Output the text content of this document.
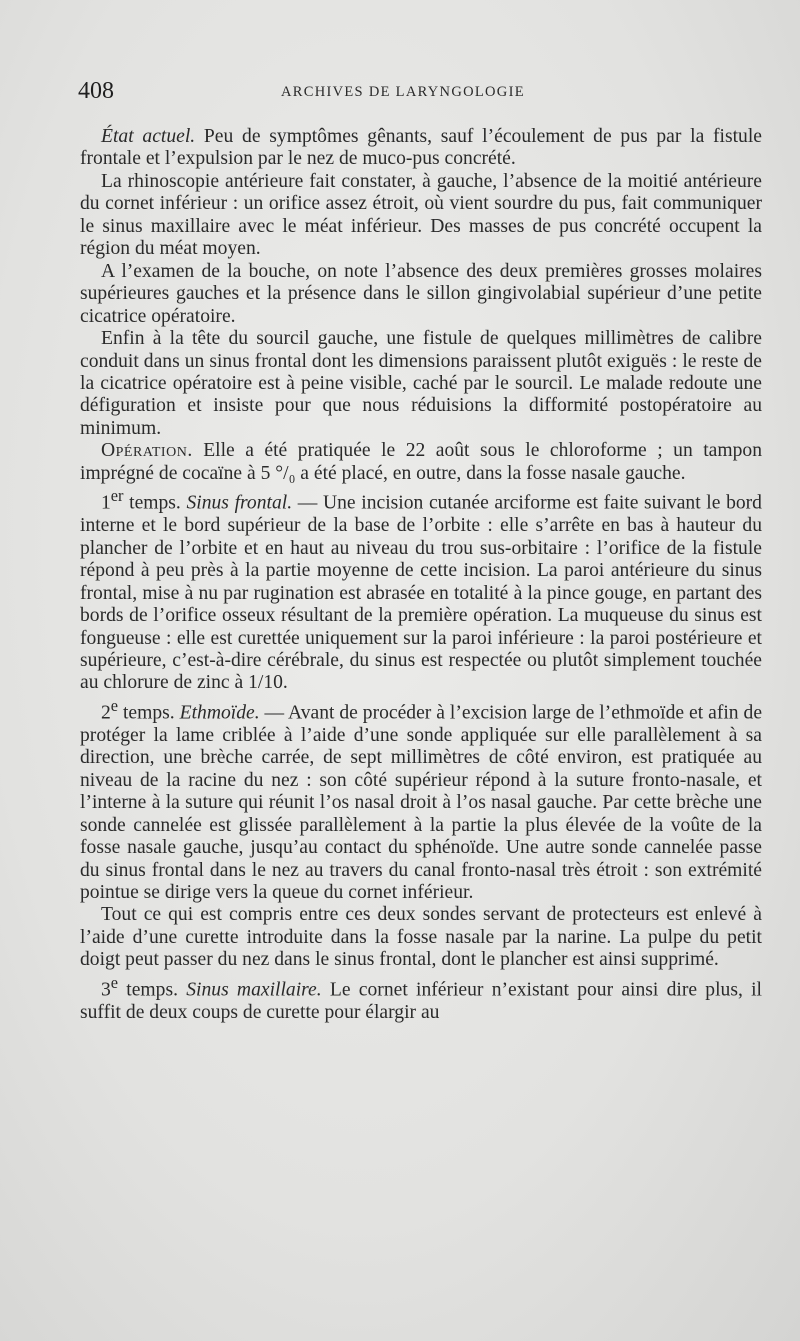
408	ARCHIVES DE LARYNGOLOGIE

État actuel. Peu de symptômes gênants, sauf l’écoulement de pus par la fistule frontale et l’expulsion par le nez de muco-pus concrété.

La rhinoscopie antérieure fait constater, à gauche, l’absence de la moitié antérieure du cornet inférieur : un orifice assez étroit, où vient sourdre du pus, fait communiquer le sinus maxillaire avec le méat inférieur. Des masses de pus concrété occupent la région du méat moyen.

A l’examen de la bouche, on note l’absence des deux premières grosses molaires supérieures gauches et la présence dans le sillon gingivolabial supérieur d’une petite cicatrice opératoire.

Enfin à la tête du sourcil gauche, une fistule de quelques millimètres de calibre conduit dans un sinus frontal dont les dimensions paraissent plutôt exiguës : le reste de la cicatrice opératoire est à peine visible, caché par le sourcil. Le malade redoute une défiguration et insiste pour que nous réduisions la difformité postopératoire au minimum.

Opération. Elle a été pratiquée le 22 août sous le chloroforme ; un tampon imprégné de cocaïne à 5 °/₀ a été placé, en outre, dans la fosse nasale gauche.

1er temps. Sinus frontal. — Une incision cutanée arciforme est faite suivant le bord interne et le bord supérieur de la base de l’orbite : elle s’arrête en bas à hauteur du plancher de l’orbite et en haut au niveau du trou sus-orbitaire : l’orifice de la fistule répond à peu près à la partie moyenne de cette incision. La paroi antérieure du sinus frontal, mise à nu par rugination est abrasée en totalité à la pince gouge, en partant des bords de l’orifice osseux résultant de la première opération. La muqueuse du sinus est fongueuse : elle est curettée uniquement sur la paroi inférieure : la paroi postérieure et supérieure, c’est-à-dire cérébrale, du sinus est respectée ou plutôt simplement touchée au chlorure de zinc à 1/10.

2e temps. Ethmoïde. — Avant de procéder à l’excision large de l’ethmoïde et afin de protéger la lame criblée à l’aide d’une sonde appliquée sur elle parallèlement à sa direction, une brèche carrée, de sept millimètres de côté environ, est pratiquée au niveau de la racine du nez : son côté supérieur répond à la suture fronto-nasale, et l’interne à la suture qui réunit l’os nasal droit à l’os nasal gauche. Par cette brèche une sonde cannelée est glissée parallèlement à la partie la plus élevée de la voûte de la fosse nasale gauche, jusqu’au contact du sphénoïde. Une autre sonde cannelée passe du sinus frontal dans le nez au travers du canal fronto-nasal très étroit : son extrémité pointue se dirige vers la queue du cornet inférieur.

Tout ce qui est compris entre ces deux sondes servant de protecteurs est enlevé à l’aide d’une curette introduite dans la fosse nasale par la narine. La pulpe du petit doigt peut passer du nez dans le sinus frontal, dont le plancher est ainsi supprimé.

3e temps. Sinus maxillaire. Le cornet inférieur n’existant pour ainsi dire plus, il suffit de deux coups de curette pour élargir au
